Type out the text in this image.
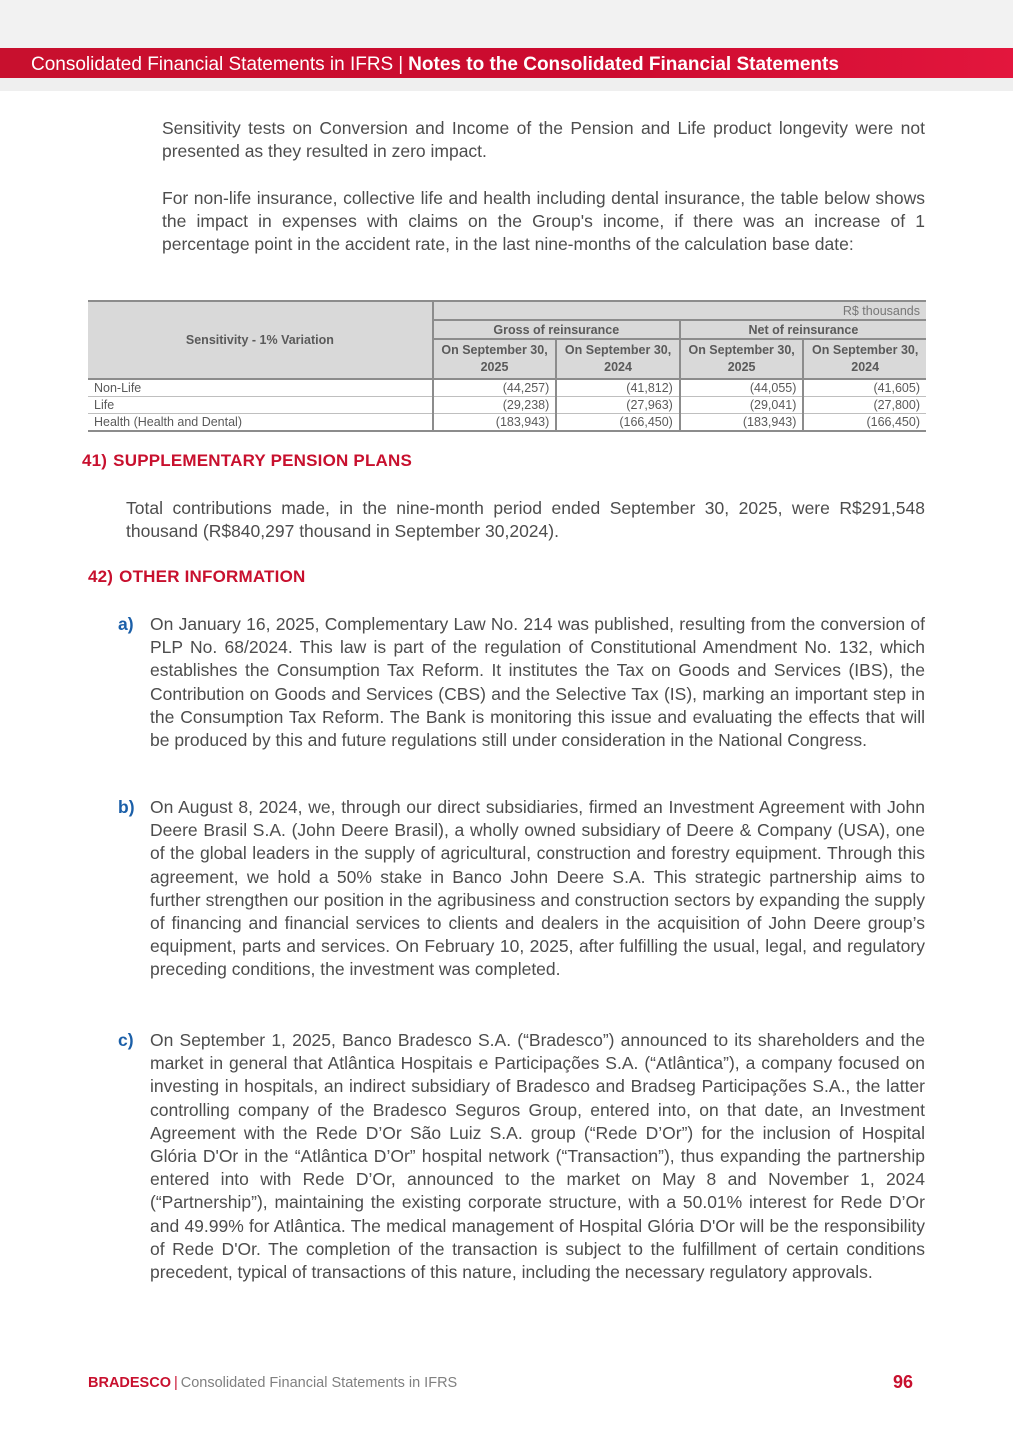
Consolidated Financial Statements in IFRS | Notes to the Consolidated Financial Statements

Sensitivity tests on Conversion and Income of the Pension and Life product longevity were not presented as they resulted in zero impact.

For non-life insurance, collective life and health including dental insurance, the table below shows the impact in expenses with claims on the Group's income, if there was an increase of 1 percentage point in the accident rate, in the last nine-months of the calculation base date:

Sensitivity - 1% Variation	R$ thousands			
	Gross of reinsurance		Net of reinsurance	
	On September 30, 2025	On September 30, 2024	On September 30, 2025	On September 30, 2024
Non-Life	(44,257)	(41,812)	(44,055)	(41,605)
Life	(29,238)	(27,963)	(29,041)	(27,800)
Health (Health and Dental)	(183,943)	(166,450)	(183,943)	(166,450)
41) SUPPLEMENTARY PENSION PLANS

Total contributions made, in the nine-month period ended September 30, 2025, were R$291,548 thousand (R$840,297 thousand in September 30,2024).

42) OTHER INFORMATION
a) On January 16, 2025, Complementary Law No. 214 was published, resulting from the conversion of PLP No. 68/2024. This law is part of the regulation of Constitutional Amendment No. 132, which establishes the Consumption Tax Reform. It institutes the Tax on Goods and Services (IBS), the Contribution on Goods and Services (CBS) and the Selective Tax (IS), marking an important step in the Consumption Tax Reform. The Bank is monitoring this issue and evaluating the effects that will be produced by this and future regulations still under consideration in the National Congress.

b) On August 8, 2024, we, through our direct subsidiaries, firmed an Investment Agreement with John Deere Brasil S.A. (John Deere Brasil), a wholly owned subsidiary of Deere & Company (USA), one of the global leaders in the supply of agricultural, construction and forestry equipment. Through this agreement, we hold a 50% stake in Banco John Deere S.A. This strategic partnership aims to further strengthen our position in the agribusiness and construction sectors by expanding the supply of financing and financial services to clients and dealers in the acquisition of John Deere group’s equipment, parts and services. On February 10, 2025, after fulfilling the usual, legal, and regulatory preceding conditions, the investment was completed.

c) On September 1, 2025, Banco Bradesco S.A. (“Bradesco”) announced to its shareholders and the market in general that Atlântica Hospitais e Participações S.A. (“Atlântica”), a company focused on investing in hospitals, an indirect subsidiary of Bradesco and Bradseg Participações S.A., the latter controlling company of the Bradesco Seguros Group, entered into, on that date, an Investment Agreement with the Rede D’Or São Luiz S.A. group (“Rede D’Or”) for the inclusion of Hospital Glória D'Or in the “Atlântica D’Or” hospital network (“Transaction”), thus expanding the partnership entered into with Rede D’Or, announced to the market on May 8 and November 1, 2024 (“Partnership”), maintaining the existing corporate structure, with a 50.01% interest for Rede D’Or and 49.99% for Atlântica. The medical management of Hospital Glória D'Or will be the responsibility of Rede D'Or. The completion of the transaction is subject to the fulfillment of certain conditions precedent, typical of transactions of this nature, including the necessary regulatory approvals.

BRADESCO | Consolidated Financial Statements in IFRS	96
